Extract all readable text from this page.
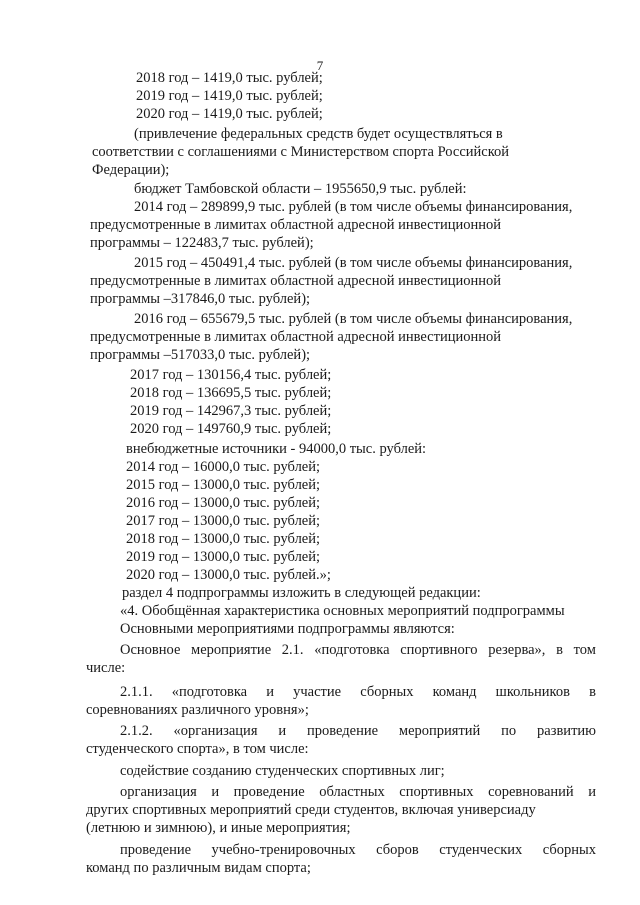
7
2018 год – 1419,0 тыс. рублей;
2019 год – 1419,0 тыс. рублей;
2020 год – 1419,0 тыс. рублей;
(привлечение федеральных средств будет осуществляться в
соответствии с соглашениями с Министерством спорта Российской
Федерации);
бюджет Тамбовской области – 1955650,9 тыс. рублей:
2014 год – 289899,9 тыс. рублей (в том числе объемы финансирования,
предусмотренные в лимитах областной адресной инвестиционной
программы – 122483,7 тыс. рублей);
2015 год – 450491,4 тыс. рублей (в том числе объемы финансирования,
предусмотренные в лимитах областной адресной инвестиционной
программы –317846,0 тыс. рублей);
2016 год – 655679,5 тыс. рублей (в том числе объемы финансирования,
предусмотренные в лимитах областной адресной инвестиционной
программы –517033,0 тыс. рублей);
2017 год – 130156,4 тыс. рублей;
2018 год – 136695,5 тыс. рублей;
2019 год – 142967,3 тыс. рублей;
2020 год – 149760,9 тыс. рублей;
внебюджетные источники - 94000,0 тыс. рублей:
2014 год – 16000,0 тыс. рублей;
2015 год – 13000,0 тыс. рублей;
2016 год – 13000,0 тыс. рублей;
2017 год – 13000,0 тыс. рублей;
2018 год – 13000,0 тыс. рублей;
2019 год – 13000,0 тыс. рублей;
2020 год – 13000,0 тыс. рублей.»;
раздел 4 подпрограммы изложить в следующей редакции:
«4. Обобщённая характеристика основных мероприятий подпрограммы
Основными мероприятиями подпрограммы являются:
Основное мероприятие 2.1. «подготовка спортивного резерва», в том
числе:
2.1.1. «подготовка и участие сборных команд школьников в
соревнованиях различного уровня»;
2.1.2. «организация и проведение мероприятий по развитию
студенческого спорта», в том числе:
содействие созданию студенческих спортивных лиг;
организация и проведение областных спортивных соревнований и
других спортивных мероприятий среди студентов, включая универсиаду
(летнюю и зимнюю), и иные мероприятия;
проведение учебно-тренировочных сборов студенческих сборных
команд по различным видам спорта;
